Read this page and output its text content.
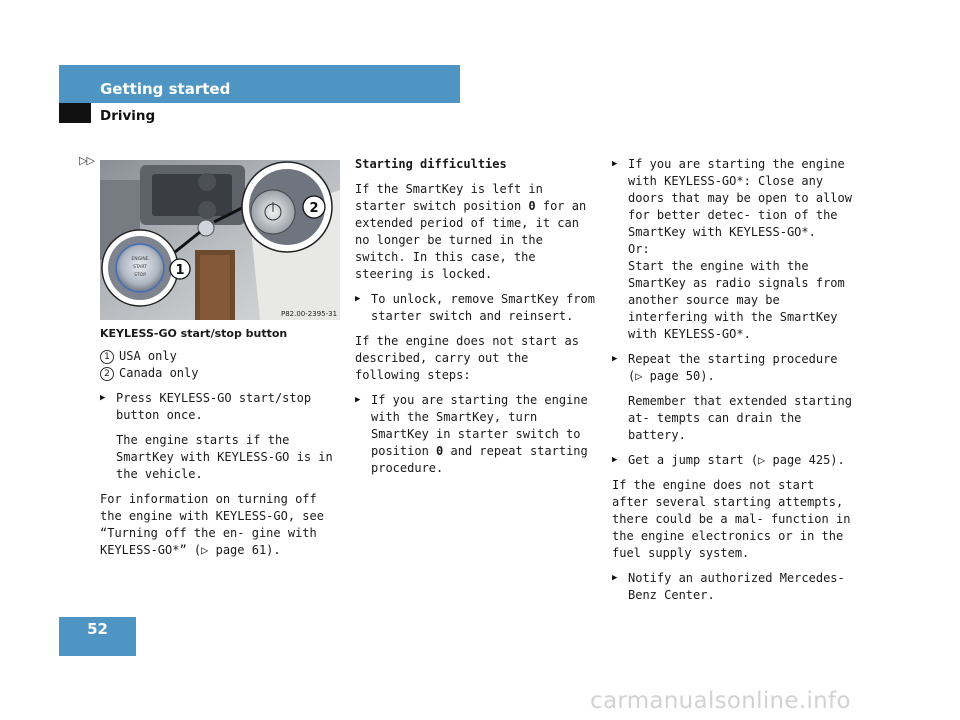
Getting started
Driving
▷▷
ENGINE
START
STOP 1
2
P82.00-2395-31

KEYLESS-GO start/stop button

1 USA only
2 Canada only
▶ Press KEYLESS-GO start/stop button once.

The engine starts if the SmartKey with KEYLESS-GO is in the vehicle.

For information on turning off the engine with KEYLESS-GO, see “Turning off the en- gine with KEYLESS-GO*” (▷ page 61).

Starting difficulties

If the SmartKey is left in starter switch position 0 for an extended period of time, it can no longer be turned in the switch. In this case, the steering is locked.

▶ To unlock, remove SmartKey from starter switch and reinsert.

If the engine does not start as described, carry out the following steps:

▶ If you are starting the engine with the SmartKey, turn SmartKey in starter switch to position 0 and repeat starting procedure.
▶ If you are starting the engine with KEYLESS-GO*: Close any doors that may be open to allow for better detec- tion of the SmartKey with KEYLESS-GO*.
Or:
Start the engine with the SmartKey as radio signals from another source may be interfering with the SmartKey with KEYLESS-GO*.
▶ Repeat the starting procedure (▷ page 50).

Remember that extended starting at- tempts can drain the battery.

▶ Get a jump start (▷ page 425).

If the engine does not start after several starting attempts, there could be a mal- function in the engine electronics or in the fuel supply system.

▶ Notify an authorized Mercedes-Benz Center.
52
carmanualsonline.info
